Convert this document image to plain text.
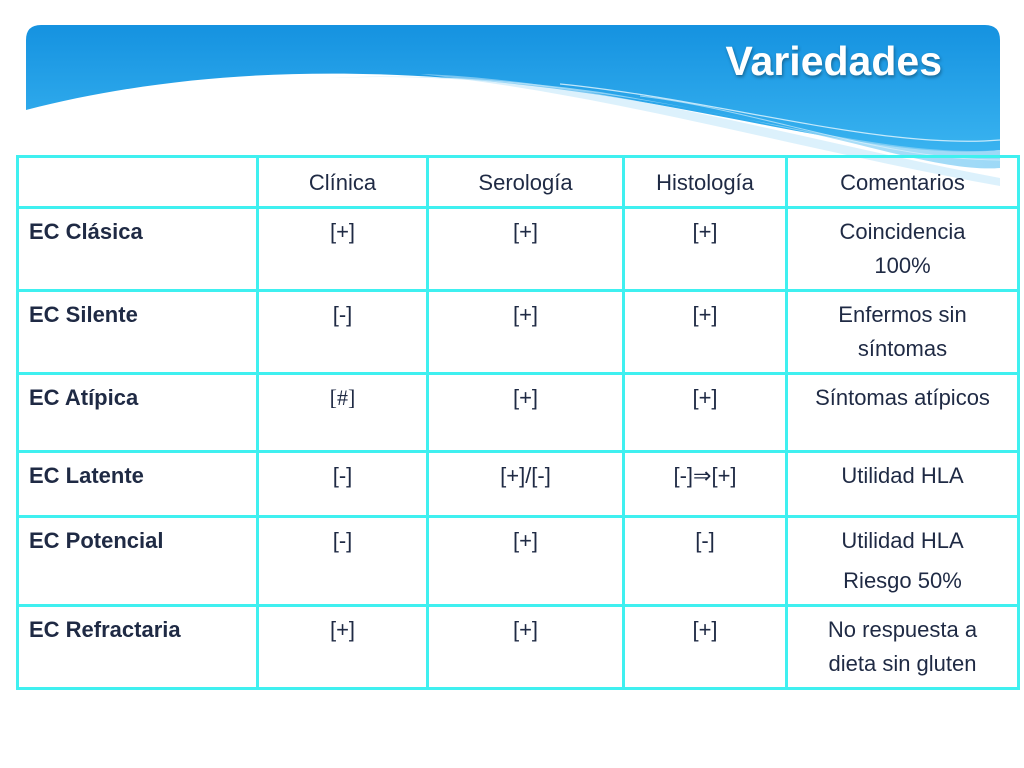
Variedades
	Clínica	Serología	Histología	Comentarios
EC Clásica	[+]	[+]	[+]	Coincidencia
100%

EC Silente	[-]	[+]	[+]	Enfermos sin
síntomas

EC Atípica	[#]	[+]	[+]	Síntomas atípicos

EC Latente	[-]	[+]/[-]	[-]⇒[+]	Utilidad HLA

EC Potencial	[-]	[+]	[-]	Utilidad HLA
Riesgo 50%

EC Refractaria	[+]	[+]	[+]	No respuesta a
dieta sin gluten
